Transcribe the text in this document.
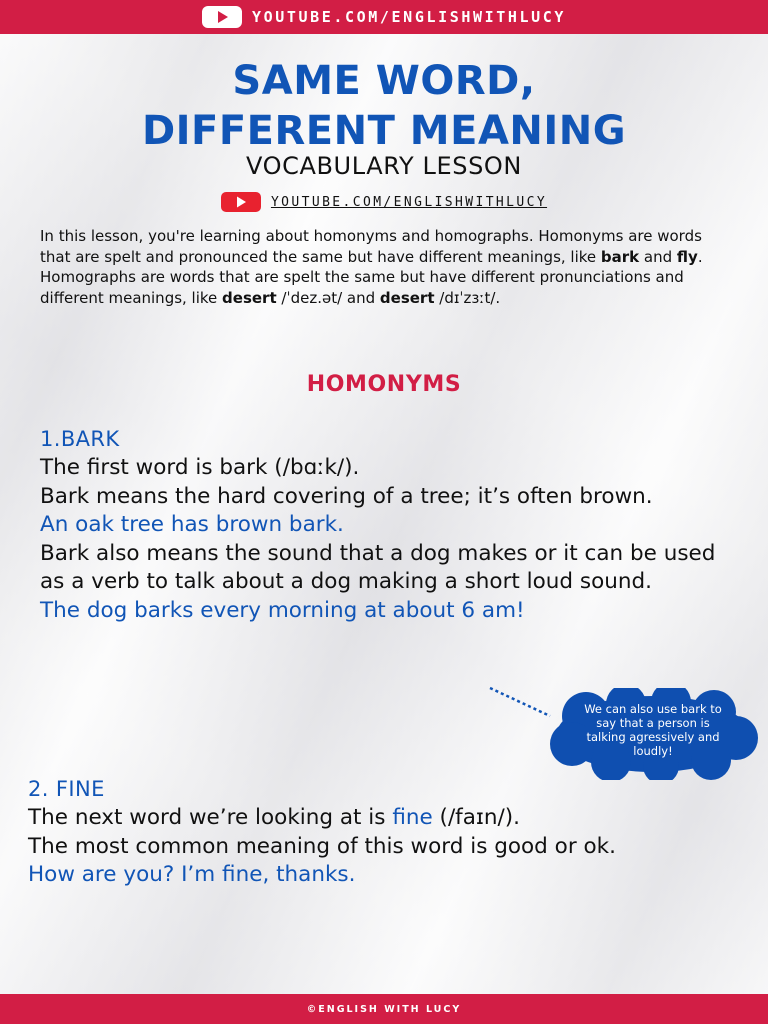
YOUTUBE.COM/ENGLISHWITHLUCY
SAME WORD,
DIFFERENT MEANING
VOCABULARY LESSON
YOUTUBE.COM/ENGLISHWITHLUCY
In this lesson, you're learning about homonyms and homographs. Homonyms are words that are spelt and pronounced the same but have different meanings, like bark and fly. Homographs are words that are spelt the same but have different pronunciations and different meanings, like desert /ˈdez.ət/ and desert /dɪˈzɜːt/.
HOMONYMS
1.BARK
The first word is bark (/bɑːk/).
Bark means the hard covering of a tree; it’s often brown.
An oak tree has brown bark.
Bark also means the sound that a dog makes or it can be used as a verb to talk about a dog making a short loud sound.
The dog barks every morning at about 6 am!
We can also use bark to say that a person is talking agressively and loudly!
2. FINE
The next word we’re looking at is fine (/faɪn/).
The most common meaning of this word is good or ok.
How are you? I’m fine, thanks.
©ENGLISH WITH LUCY
